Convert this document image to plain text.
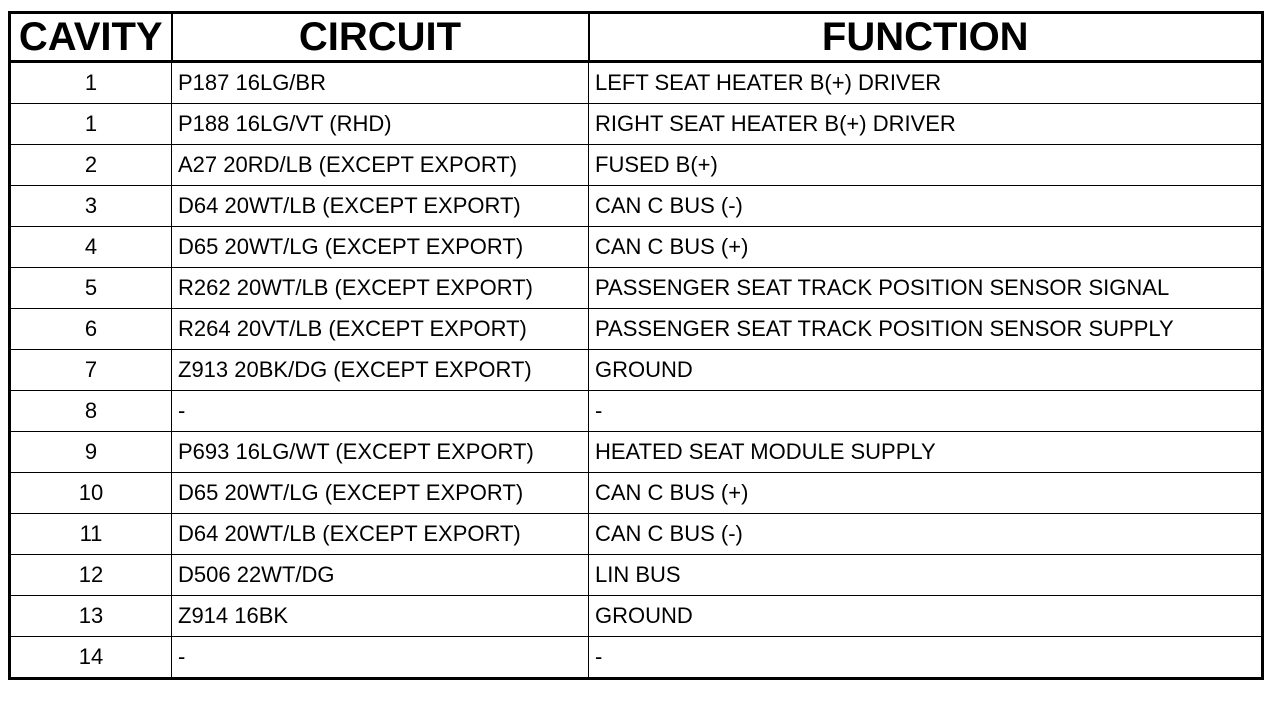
CAVITY	CIRCUIT	FUNCTION
1	P187 16LG/BR	LEFT SEAT HEATER B(+) DRIVER
1	P188 16LG/VT (RHD)	RIGHT SEAT HEATER B(+) DRIVER
2	A27 20RD/LB (EXCEPT EXPORT)	FUSED B(+)
3	D64 20WT/LB (EXCEPT EXPORT)	CAN C BUS (-)
4	D65 20WT/LG (EXCEPT EXPORT)	CAN C BUS (+)
5	R262 20WT/LB (EXCEPT EXPORT)	PASSENGER SEAT TRACK POSITION SENSOR SIGNAL
6	R264 20VT/LB (EXCEPT EXPORT)	PASSENGER SEAT TRACK POSITION SENSOR SUPPLY
7	Z913 20BK/DG (EXCEPT EXPORT)	GROUND
8	-	-
9	P693 16LG/WT (EXCEPT EXPORT)	HEATED SEAT MODULE SUPPLY
10	D65 20WT/LG (EXCEPT EXPORT)	CAN C BUS (+)
11	D64 20WT/LB (EXCEPT EXPORT)	CAN C BUS (-)
12	D506 22WT/DG	LIN BUS
13	Z914 16BK	GROUND
14	-	-
